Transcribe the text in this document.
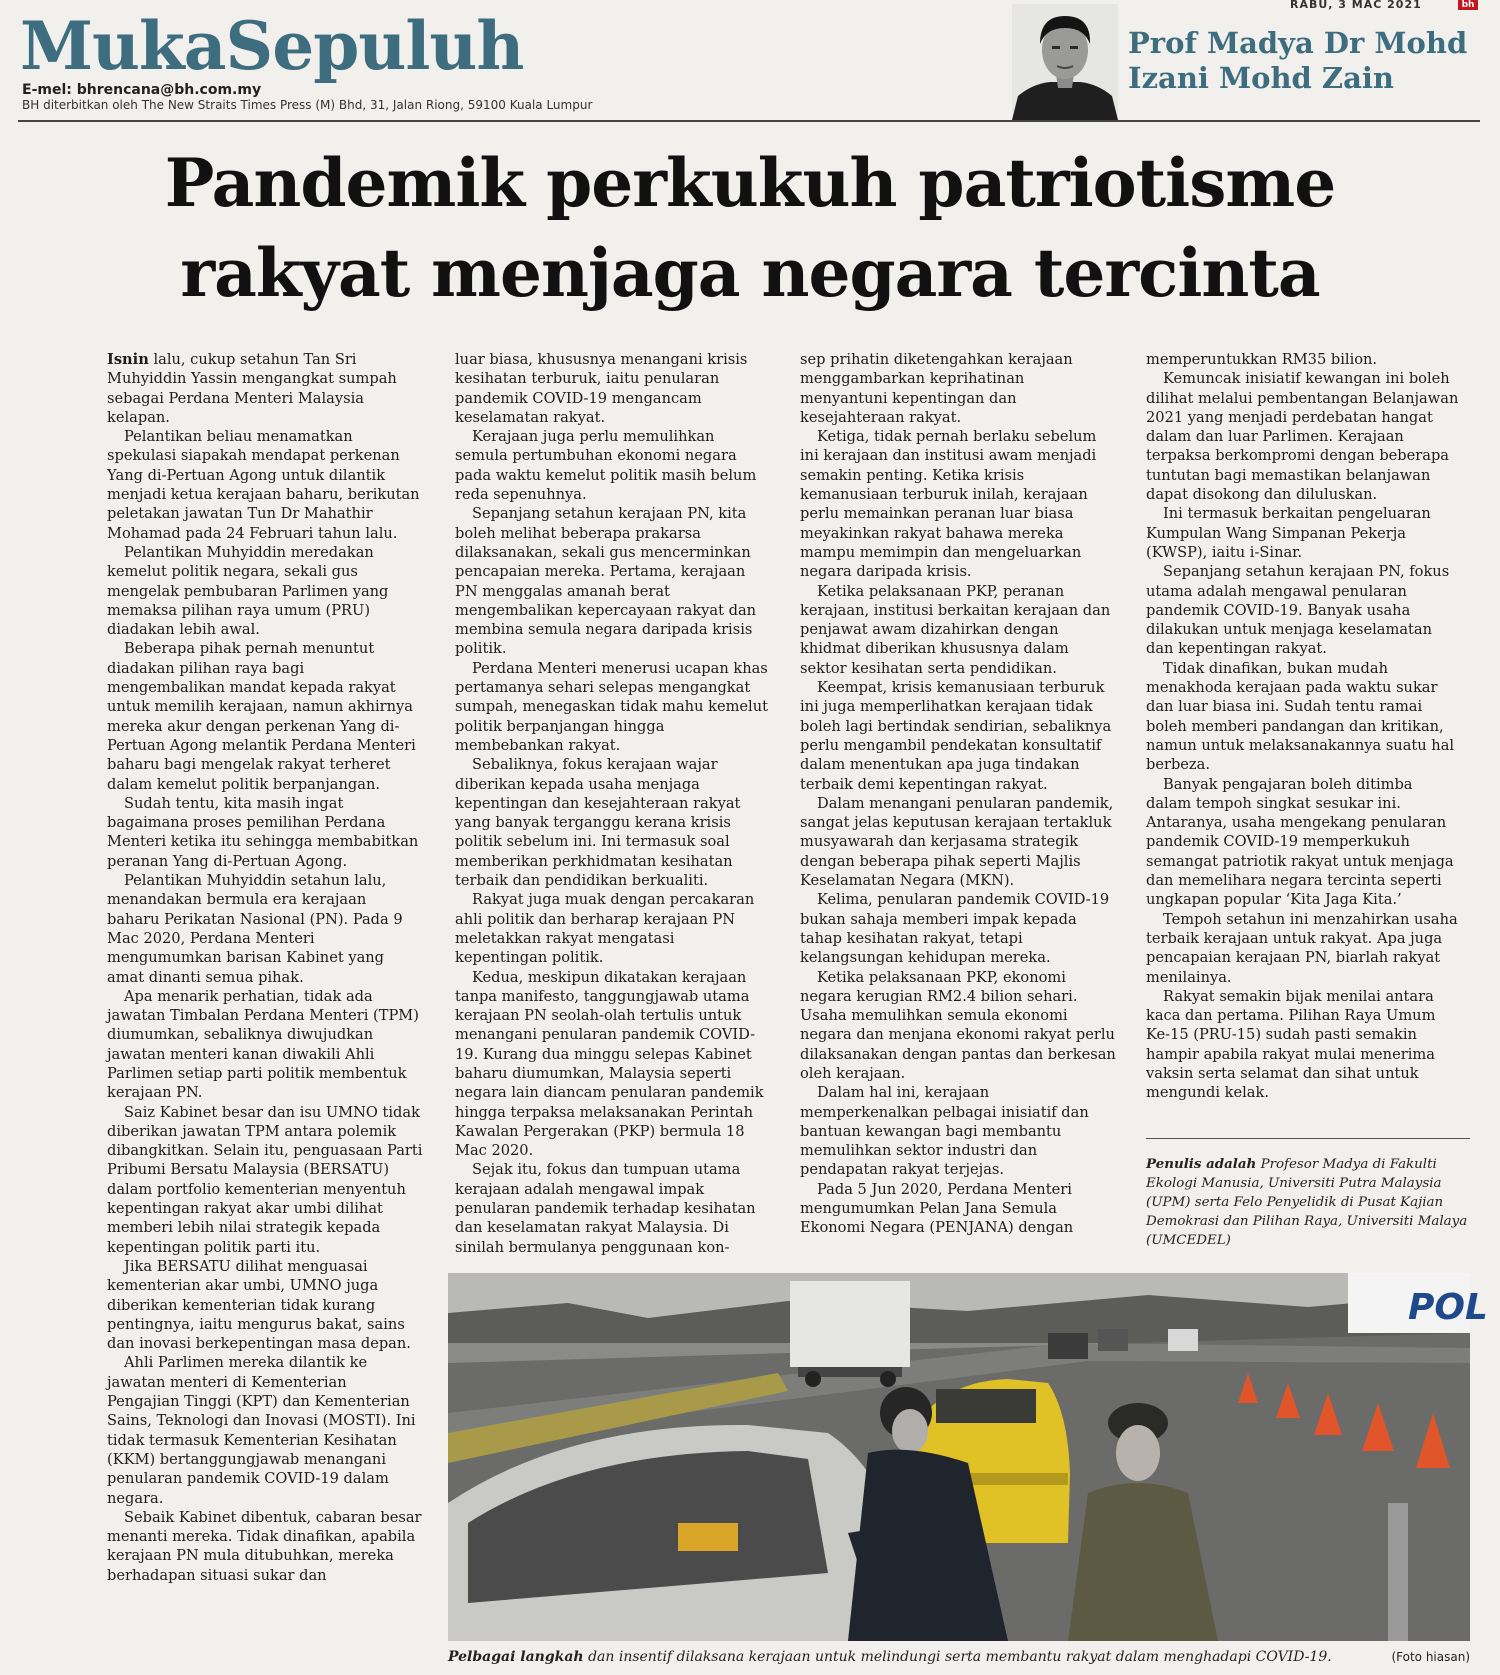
RABU, 3 MAC 2021	bh
MukaSepuluh
E-mel: bhrencana@bh.com.my
BH diterbitkan oleh The New Straits Times Press (M) Bhd, 31, Jalan Riong, 59100 Kuala Lumpur
Prof Madya Dr Mohd Izani Mohd Zain
Pandemik perkukuh patriotisme
rakyat menjaga negara tercinta

Isnin lalu, cukup setahun Tan Sri Muhyiddin Yassin mengangkat sumpah sebagai Perdana Menteri Malaysia kelapan.

Pelantikan beliau menamatkan spekulasi siapakah mendapat perkenan Yang di-Pertuan Agong untuk dilantik menjadi ketua kerajaan baharu, berikutan peletakan jawatan Tun Dr Mahathir Mohamad pada 24 Februari tahun lalu.

Pelantikan Muhyiddin meredakan kemelut politik negara, sekali gus mengelak pembubaran Parlimen yang memaksa pilihan raya umum (PRU) diadakan lebih awal.

Beberapa pihak pernah menuntut diadakan pilihan raya bagi mengembalikan mandat kepada rakyat untuk memilih kerajaan, namun akhirnya mereka akur dengan perkenan Yang di-Pertuan Agong melantik Perdana Menteri baharu bagi mengelak rakyat terheret dalam kemelut politik berpanjangan.

Sudah tentu, kita masih ingat bagaimana proses pemilihan Perdana Menteri ketika itu sehingga membabitkan peranan Yang di-Pertuan Agong.

Pelantikan Muhyiddin setahun lalu, menandakan bermula era kerajaan baharu Perikatan Nasional (PN). Pada 9 Mac 2020, Perdana Menteri mengumumkan barisan Kabinet yang amat dinanti semua pihak.

Apa menarik perhatian, tidak ada jawatan Timbalan Perdana Menteri (TPM) diumumkan, sebaliknya diwujudkan jawatan menteri kanan diwakili Ahli Parlimen setiap parti politik membentuk kerajaan PN.

Saiz Kabinet besar dan isu UMNO tidak diberikan jawatan TPM antara polemik dibangkitkan. Selain itu, penguasaan Parti Pribumi Bersatu Malaysia (BERSATU) dalam portfolio kementerian menyentuh kepentingan rakyat akar umbi dilihat memberi lebih nilai strategik kepada kepentingan politik parti itu.

Jika BERSATU dilihat menguasai kementerian akar umbi, UMNO juga diberikan kementerian tidak kurang pentingnya, iaitu mengurus bakat, sains dan inovasi berkepentingan masa depan.

Ahli Parlimen mereka dilantik ke jawatan menteri di Kementerian Pengajian Tinggi (KPT) dan Kementerian Sains, Teknologi dan Inovasi (MOSTI). Ini tidak termasuk Kementerian Kesihatan (KKM) bertanggungjawab menangani penularan pandemik COVID-19 dalam negara.

Sebaik Kabinet dibentuk, cabaran besar menanti mereka. Tidak dinafikan, apabila kerajaan PN mula ditubuhkan, mereka berhadapan situasi sukar dan

luar biasa, khususnya menangani krisis kesihatan terburuk, iaitu penularan pandemik COVID-19 mengancam keselamatan rakyat.

Kerajaan juga perlu memulihkan semula pertumbuhan ekonomi negara pada waktu kemelut politik masih belum reda sepenuhnya.

Sepanjang setahun kerajaan PN, kita boleh melihat beberapa prakarsa dilaksanakan, sekali gus mencerminkan pencapaian mereka. Pertama, kerajaan PN menggalas amanah berat mengembalikan kepercayaan rakyat dan membina semula negara daripada krisis politik.

Perdana Menteri menerusi ucapan khas pertamanya sehari selepas mengangkat sumpah, menegaskan tidak mahu kemelut politik berpanjangan hingga membebankan rakyat.

Sebaliknya, fokus kerajaan wajar diberikan kepada usaha menjaga kepentingan dan kesejahteraan rakyat yang banyak terganggu kerana krisis politik sebelum ini. Ini termasuk soal memberikan perkhidmatan kesihatan terbaik dan pendidikan berkualiti.

Rakyat juga muak dengan percakaran ahli politik dan berharap kerajaan PN meletakkan rakyat mengatasi kepentingan politik.

Kedua, meskipun dikatakan kerajaan tanpa manifesto, tanggungjawab utama kerajaan PN seolah-olah tertulis untuk menangani penularan pandemik COVID-19. Kurang dua minggu selepas Kabinet baharu diumumkan, Malaysia seperti negara lain diancam penularan pandemik hingga terpaksa melaksanakan Perintah Kawalan Pergerakan (PKP) bermula 18 Mac 2020.

Sejak itu, fokus dan tumpuan utama kerajaan adalah mengawal impak penularan pandemik terhadap kesihatan dan keselamatan rakyat Malaysia. Di sinilah bermulanya penggunaan kon-

sep prihatin diketengahkan kerajaan menggambarkan keprihatinan menyantuni kepentingan dan kesejahteraan rakyat.

Ketiga, tidak pernah berlaku sebelum ini kerajaan dan institusi awam menjadi semakin penting. Ketika krisis kemanusiaan terburuk inilah, kerajaan perlu memainkan peranan luar biasa meyakinkan rakyat bahawa mereka mampu memimpin dan mengeluarkan negara daripada krisis.

Ketika pelaksanaan PKP, peranan kerajaan, institusi berkaitan kerajaan dan penjawat awam dizahirkan dengan khidmat diberikan khususnya dalam sektor kesihatan serta pendidikan.

Keempat, krisis kemanusiaan terburuk ini juga memperlihatkan kerajaan tidak boleh lagi bertindak sendirian, sebaliknya perlu mengambil pendekatan konsultatif dalam menentukan apa juga tindakan terbaik demi kepentingan rakyat.

Dalam menangani penularan pandemik, sangat jelas keputusan kerajaan tertakluk musyawarah dan kerjasama strategik dengan beberapa pihak seperti Majlis Keselamatan Negara (MKN).

Kelima, penularan pandemik COVID-19 bukan sahaja memberi impak kepada tahap kesihatan rakyat, tetapi kelangsungan kehidupan mereka.

Ketika pelaksanaan PKP, ekonomi negara kerugian RM2.4 bilion sehari. Usaha memulihkan semula ekonomi negara dan menjana ekonomi rakyat perlu dilaksanakan dengan pantas dan berkesan oleh kerajaan.

Dalam hal ini, kerajaan memperkenalkan pelbagai inisiatif dan bantuan kewangan bagi membantu memulihkan sektor industri dan pendapatan rakyat terjejas.

Pada 5 Jun 2020, Perdana Menteri mengumumkan Pelan Jana Semula Ekonomi Negara (PENJANA) dengan

memperuntukkan RM35 bilion.

Kemuncak inisiatif kewangan ini boleh dilihat melalui pembentangan Belanjawan 2021 yang menjadi perdebatan hangat dalam dan luar Parlimen. Kerajaan terpaksa berkompromi dengan beberapa tuntutan bagi memastikan belanjawan dapat disokong dan diluluskan.

Ini termasuk berkaitan pengeluaran Kumpulan Wang Simpanan Pekerja (KWSP), iaitu i-Sinar.

Sepanjang setahun kerajaan PN, fokus utama adalah mengawal penularan pandemik COVID-19. Banyak usaha dilakukan untuk menjaga keselamatan dan kepentingan rakyat.

Tidak dinafikan, bukan mudah menakhoda kerajaan pada waktu sukar dan luar biasa ini. Sudah tentu ramai boleh memberi pandangan dan kritikan, namun untuk melaksanakannya suatu hal berbeza.

Banyak pengajaran boleh ditimba dalam tempoh singkat sesukar ini. Antaranya, usaha mengekang penularan pandemik COVID-19 memperkukuh semangat patriotik rakyat untuk menjaga dan memelihara negara tercinta seperti ungkapan popular ‘Kita Jaga Kita.’

Tempoh setahun ini menzahirkan usaha terbaik kerajaan untuk rakyat. Apa juga pencapaian kerajaan PN, biarlah rakyat menilainya.

Rakyat semakin bijak menilai antara kaca dan pertama. Pilihan Raya Umum Ke-15 (PRU-15) sudah pasti semakin hampir apabila rakyat mulai menerima vaksin serta selamat dan sihat untuk mengundi kelak.

Penulis adalah Profesor Madya di Fakulti Ekologi Manusia, Universiti Putra Malaysia (UPM) serta Felo Penyelidik di Pusat Kajian Demokrasi dan Pilihan Raya, Universiti Malaya (UMCEDEL)

POL

Pelbagai langkah dan insentif dilaksana kerajaan untuk melindungi serta membantu rakyat dalam menghadapi COVID-19.	(Foto hiasan)
